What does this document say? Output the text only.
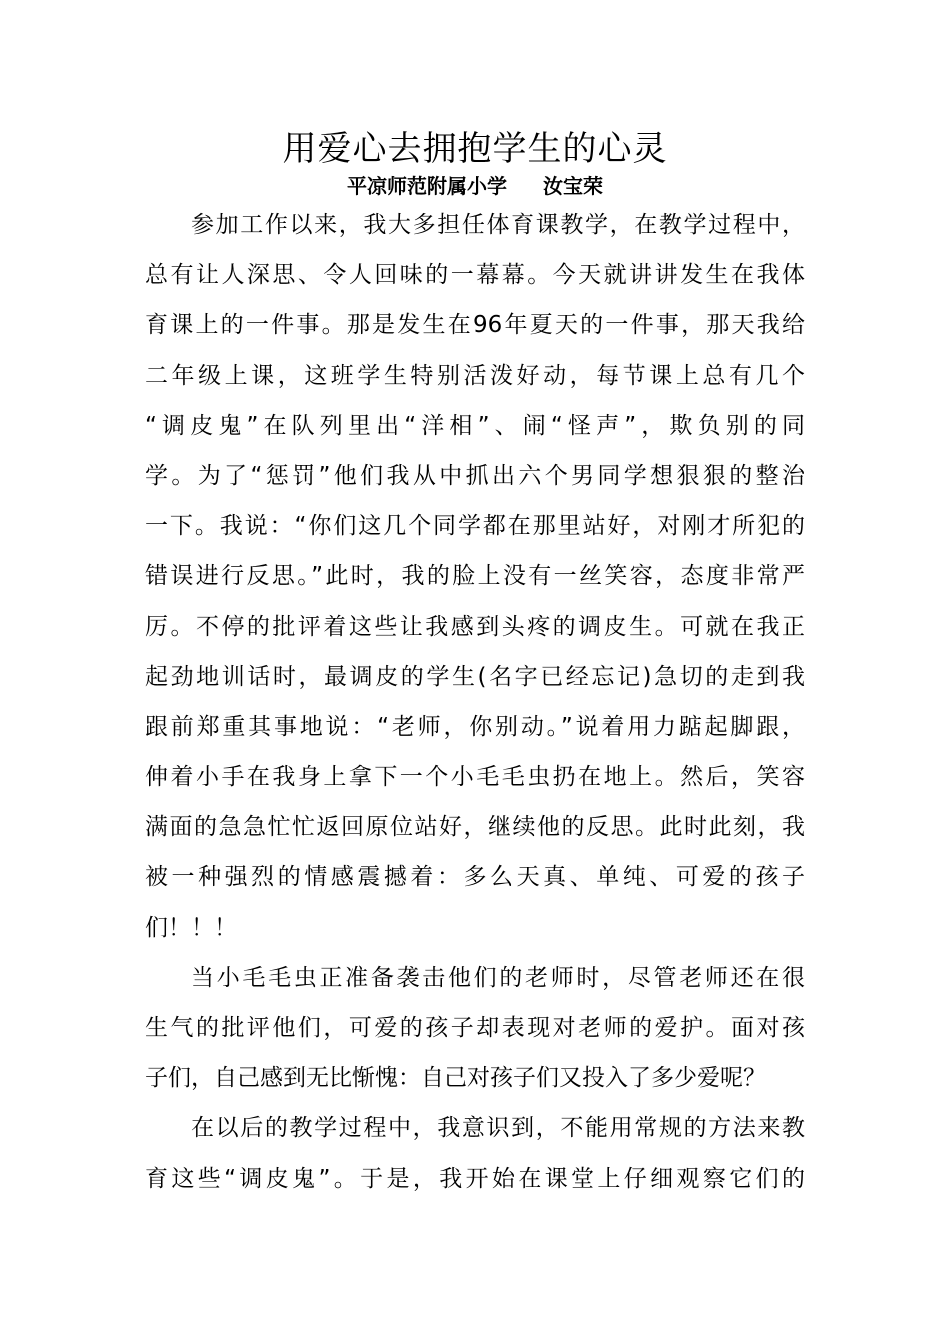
用爱心去拥抱学生的心灵

平凉师范附属小学 汝宝荣

参加工作以来，我大多担任体育课教学，在教学过程中，
总有让人深思、令人回味的一幕幕。今天就讲讲发生在我体
育课上的一件事。那是发生在96年夏天的一件事，那天我给
二年级上课，这班学生特别活泼好动，每节课上总有几个
“调皮鬼”在队列里出“洋相”、闹“怪声”，欺负别的同
学。为了“惩罚”他们我从中抓出六个男同学想狠狠的整治
一下。我说：“你们这几个同学都在那里站好，对刚才所犯的
错误进行反思。”此时，我的脸上没有一丝笑容，态度非常严
厉。不停的批评着这些让我感到头疼的调皮生。可就在我正
起劲地训话时，最调皮的学生(名字已经忘记)急切的走到我
跟前郑重其事地说：“老师，你别动。”说着用力踮起脚跟，
伸着小手在我身上拿下一个小毛毛虫扔在地上。然后，笑容
满面的急急忙忙返回原位站好，继续他的反思。此时此刻，我
被一种强烈的情感震撼着：多么天真、单纯、可爱的孩子
们！！！
当小毛毛虫正准备袭击他们的老师时，尽管老师还在很
生气的批评他们，可爱的孩子却表现对老师的爱护。面对孩
子们，自己感到无比惭愧：自己对孩子们又投入了多少爱呢？
在以后的教学过程中，我意识到，不能用常规的方法来教
育这些“调皮鬼”。于是，我开始在课堂上仔细观察它们的
